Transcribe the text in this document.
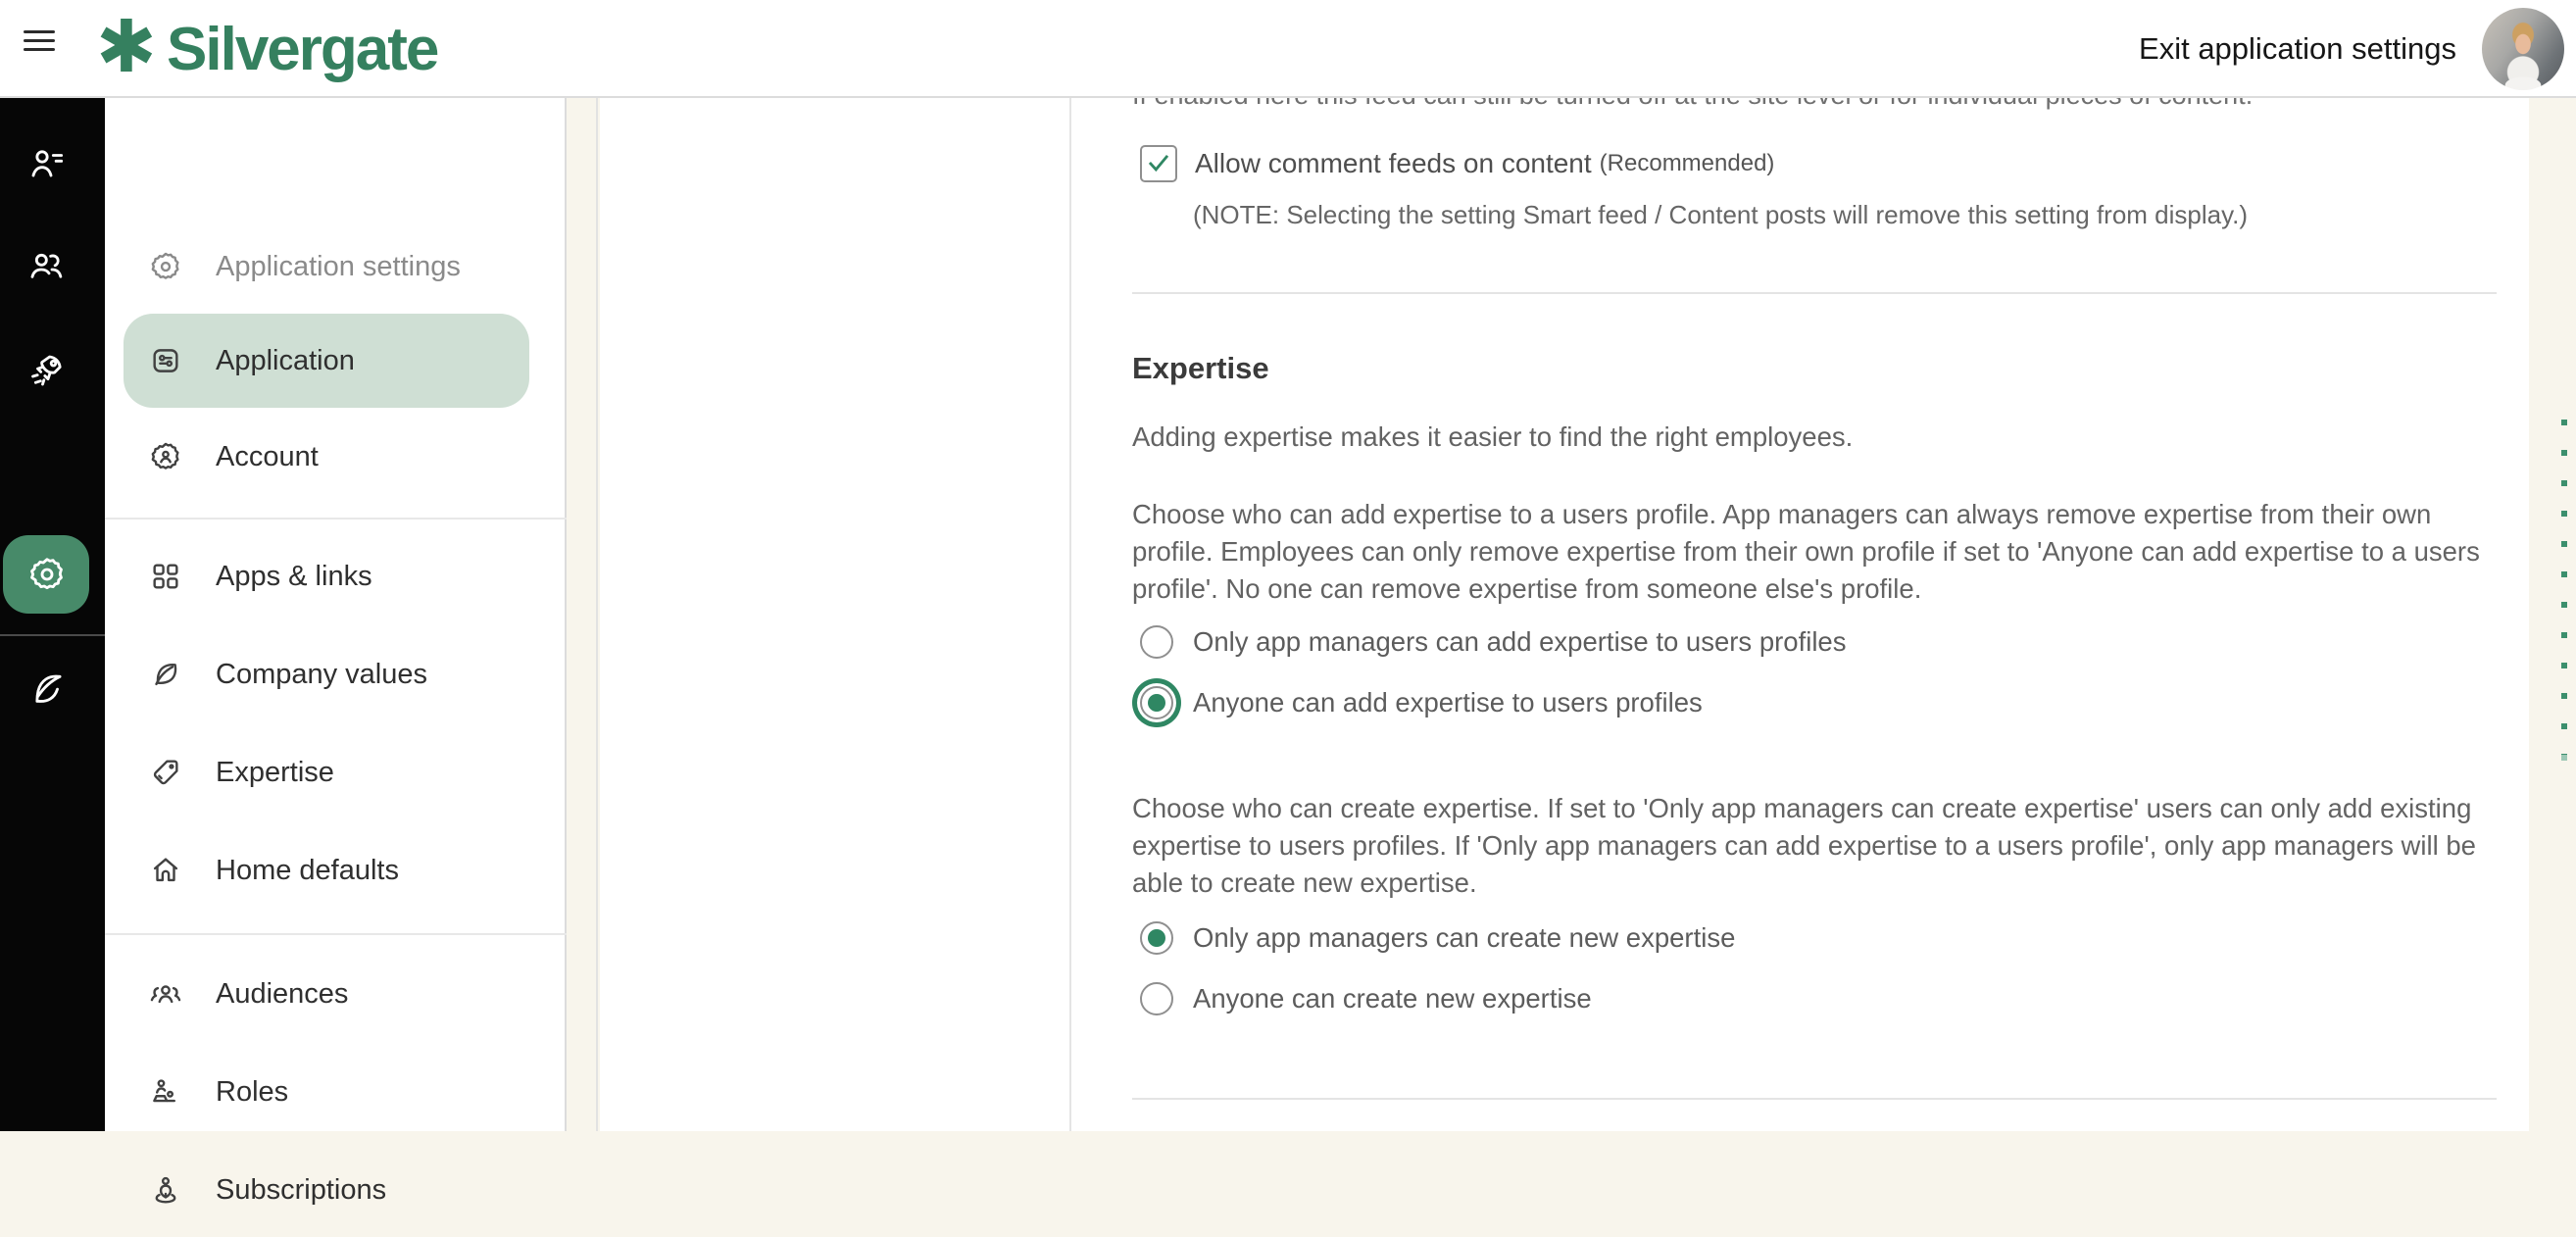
✱ Silvergate	Exit application settings
Application settings
Application
Account
Apps & links
Company values
Expertise
Home defaults
Audiences
Roles
Subscriptions
Allow comment feeds on content (Recommended)
(NOTE: Selecting the setting Smart feed / Content posts will remove this setting from display.)
Expertise
Adding expertise makes it easier to find the right employees.
Choose who can add expertise to a users profile. App managers can always remove expertise from their own profile. Employees can only remove expertise from their own profile if set to 'Anyone can add expertise to a users profile'. No one can remove expertise from someone else's profile.
Only app managers can add expertise to users profiles
Anyone can add expertise to users profiles
Choose who can create expertise. If set to 'Only app managers can create expertise' users can only add existing expertise to users profiles. If 'Only app managers can add expertise to a users profile', only app managers will be able to create new expertise.
Only app managers can create new expertise
Anyone can create new expertise
